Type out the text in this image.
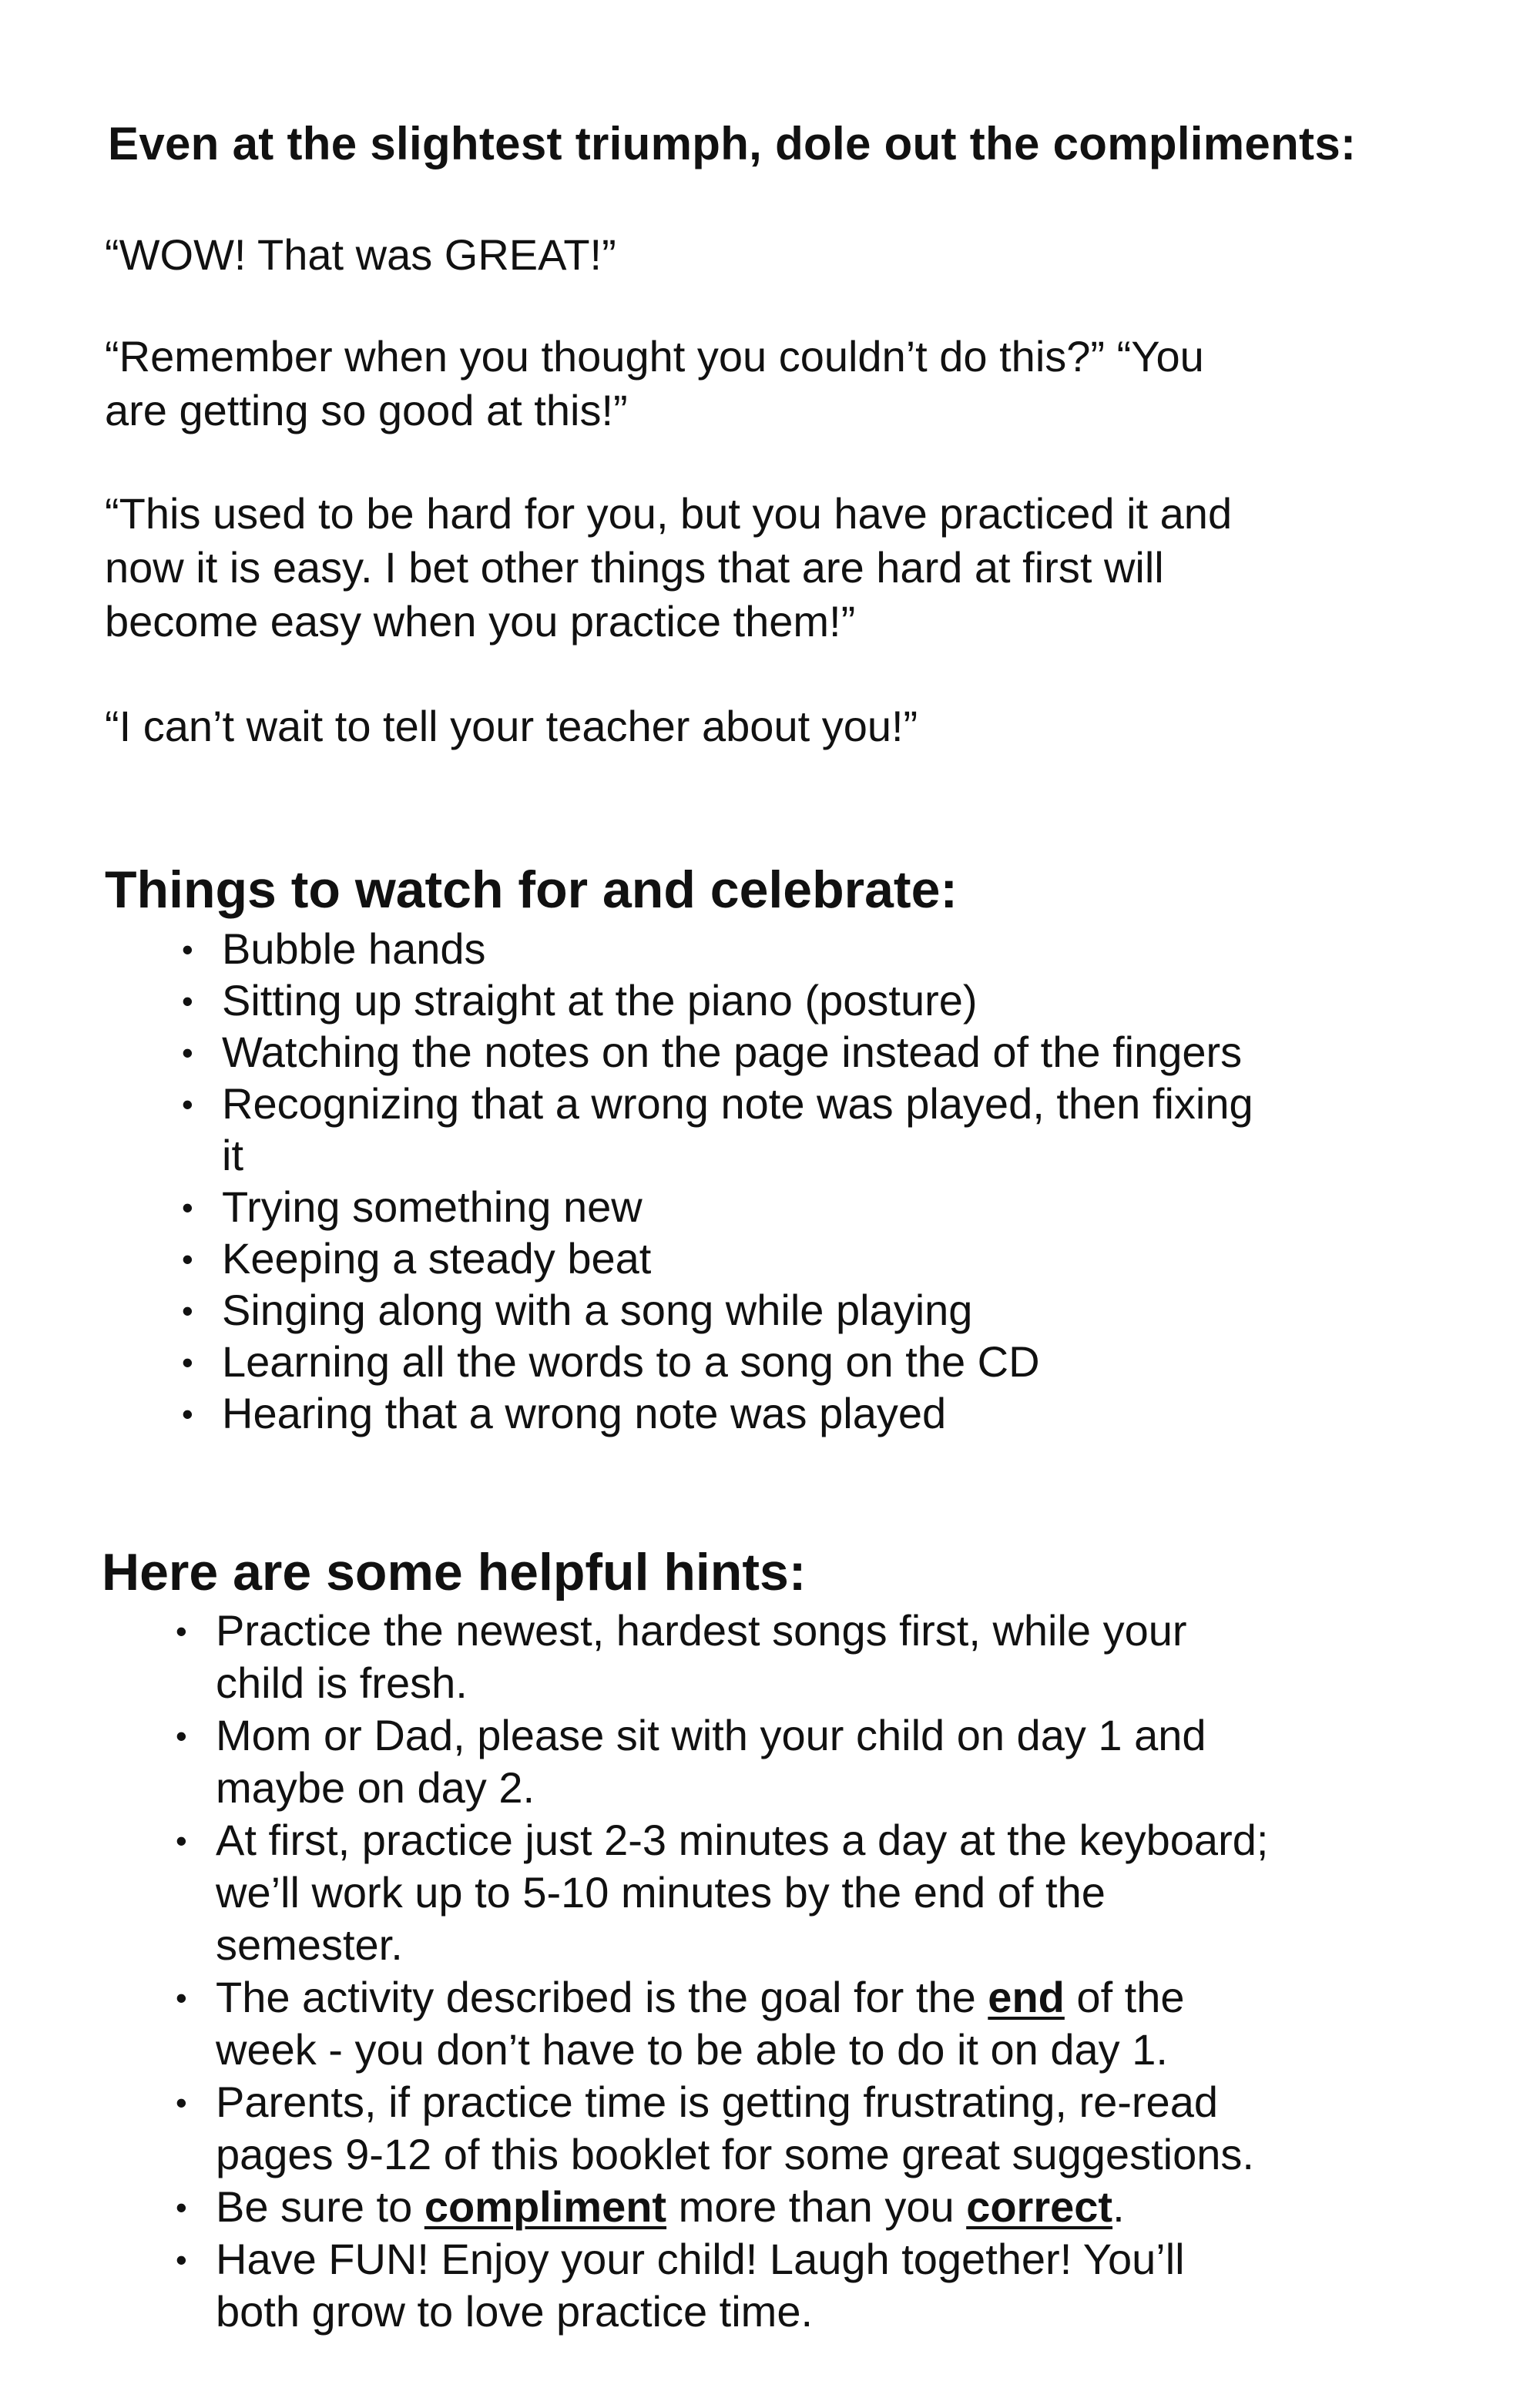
Even at the slightest triumph, dole out the compliments:
“WOW! That was GREAT!”
“Remember when you thought you couldn’t do this?” “You
are getting so good at this!”
“This used to be hard for you, but you have practiced it and
now it is easy. I bet other things that are hard at first will
become easy when you practice them!”
“I can’t wait to tell your teacher about you!”
Things to watch for and celebrate:
• Bubble hands
• Sitting up straight at the piano (posture)
• Watching the notes on the page instead of the fingers
• Recognizing that a wrong note was played, then fixing
it
• Trying something new
• Keeping a steady beat
• Singing along with a song while playing
• Learning all the words to a song on the CD
• Hearing that a wrong note was played
Here are some helpful hints:
• Practice the newest, hardest songs first, while your
child is fresh.
• Mom or Dad, please sit with your child on day 1 and
maybe on day 2.
• At first, practice just 2-3 minutes a day at the keyboard;
we’ll work up to 5-10 minutes by the end of the
semester.
• The activity described is the goal for the end of the
week - you don’t have to be able to do it on day 1.
• Parents, if practice time is getting frustrating, re-read
pages 9-12 of this booklet for some great suggestions.
• Be sure to compliment more than you correct.
• Have FUN! Enjoy your child! Laugh together! You’ll
both grow to love practice time.
